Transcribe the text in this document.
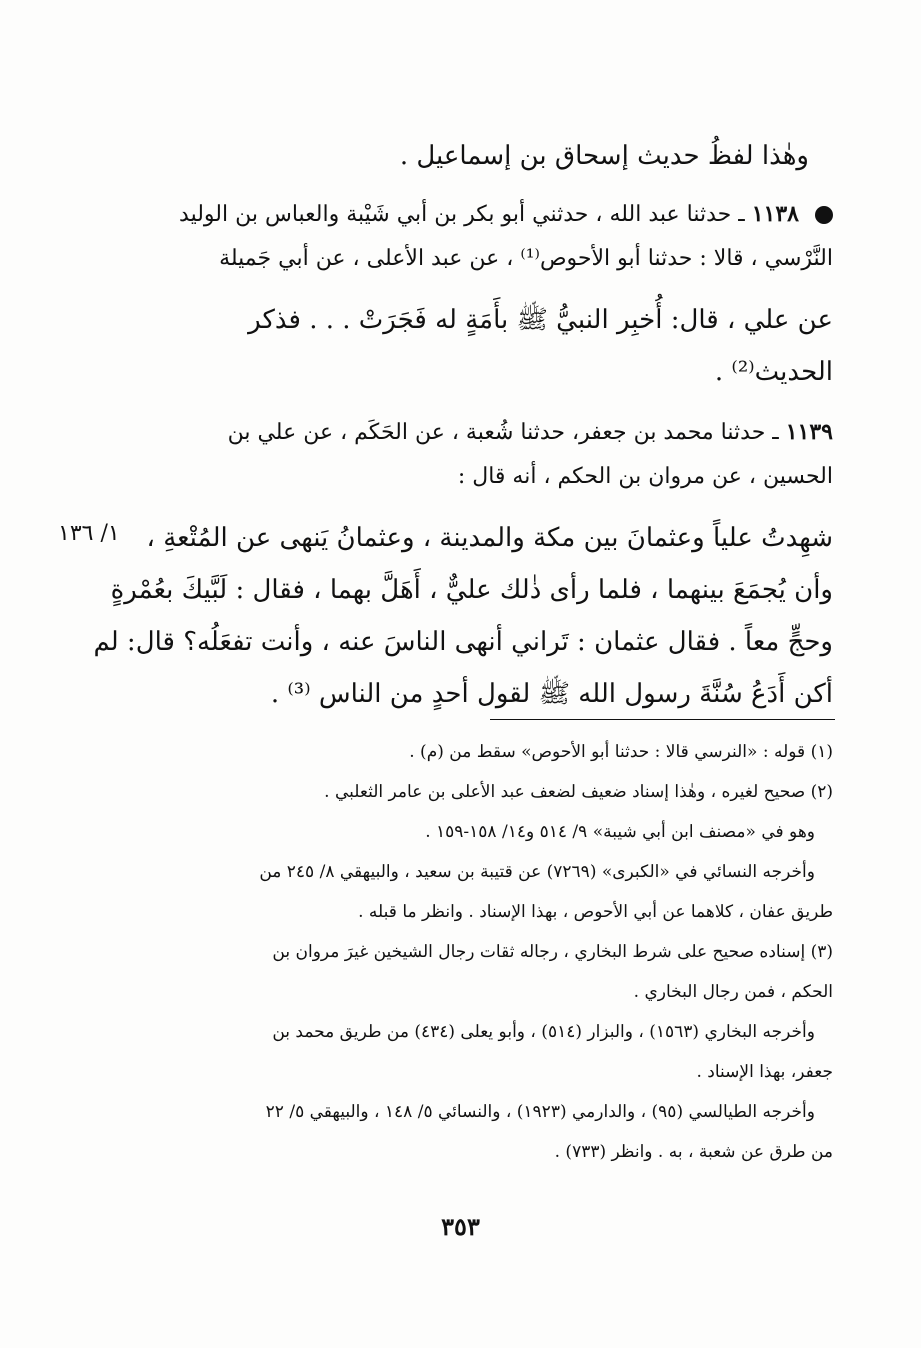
وهٰذا لفظُ حديث إسحاق بن إسماعيل .
١١٣٨ ـ حدثنا عبد الله ، حدثني أبو بكر بن أبي شَيْبة والعباس بن الوليد
النَّرْسي ، قالا : حدثنا أبو الأحوص⁽¹⁾ ، عن عبد الأعلى ، عن أبي جَميلة
عن علي ، قال: أُخبِر النبيُّ ﷺ بأَمَةٍ له فَجَرَتْ . . . فذكر
الحديث⁽²⁾ .
١١٣٩ ـ حدثنا محمد بن جعفر، حدثنا شُعبة ، عن الحَكَم ، عن علي بن
الحسين ، عن مروان بن الحكم ، أنه قال :
شهِدتُ علياً وعثمانَ بين مكة والمدينة ، وعثمانُ يَنهى عن المُتْعةِ ،
وأن يُجمَعَ بينهما ، فلما رأى ذٰلك عليٌّ ، أَهَلَّ بهما ، فقال : لَبَّيكَ بعُمْرةٍ
وحجٍّ معاً . فقال عثمان : تَراني أنهى الناسَ عنه ، وأنت تفعَلُه؟ قال: لم
أكن أَدَعُ سُنَّةَ رسول الله ﷺ لقول أحدٍ من الناس ⁽³⁾ .
١/ ١٣٦
(١) قوله : «النرسي قالا : حدثنا أبو الأحوص» سقط من (م) .
(٢) صحيح لغيره ، وهٰذا إسناد ضعيف لضعف عبد الأعلى بن عامر الثعلبي .
وهو في «مصنف ابن أبي شيبة» ٩/ ٥١٤ و١٤/ ١٥٨-١٥٩ .
وأخرجه النسائي في «الكبرى» (٧٢٦٩) عن قتيبة بن سعيد ، والبيهقي ٨/ ٢٤٥ من
طريق عفان ، كلاهما عن أبي الأحوص ، بهذا الإسناد . وانظر ما قبله .
(٣) إسناده صحيح على شرط البخاري ، رجاله ثقات رجال الشيخين غيرَ مروان بن
الحكم ، فمن رجال البخاري .
وأخرجه البخاري (١٥٦٣) ، والبزار (٥١٤) ، وأبو يعلى (٤٣٤) من طريق محمد بن
جعفر، بهذا الإسناد .
وأخرجه الطيالسي (٩٥) ، والدارمي (١٩٢٣) ، والنسائي ٥/ ١٤٨ ، والبيهقي ٥/ ٢٢
من طرق عن شعبة ، به . وانظر (٧٣٣) .
٣٥٣
